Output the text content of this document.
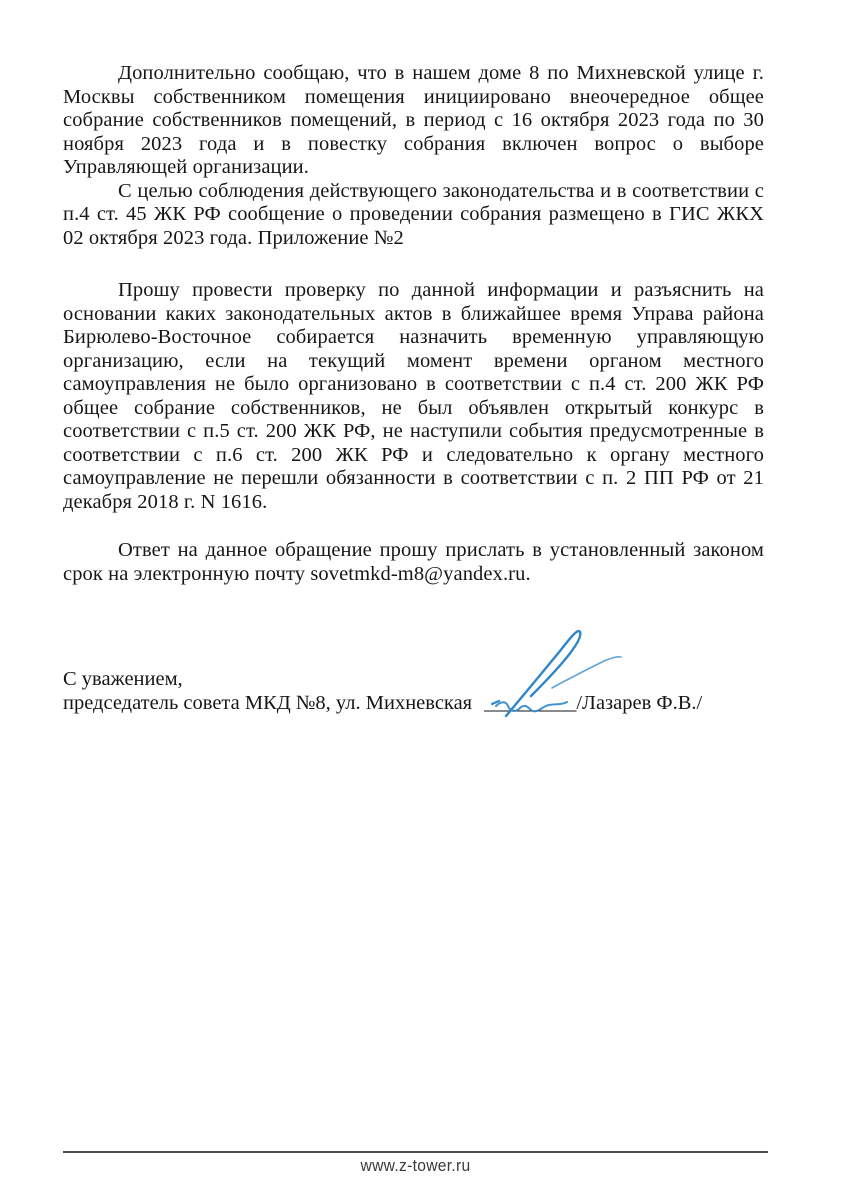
Дополнительно сообщаю, что в нашем доме 8 по Михневской улице г. Москвы собственником помещения инициировано внеочередное общее собрание собственников помещений, в период с 16 октября 2023 года по 30 ноября 2023 года и в повестку собрания включен вопрос о выборе Управляющей организации.

С целью соблюдения действующего законодательства и в соответствии с п.4 ст. 45 ЖК РФ сообщение о проведении собрания размещено в ГИС ЖКХ 02 октября 2023 года. Приложение №2

Прошу провести проверку по данной информации и разъяснить на основании каких законодательных актов в ближайшее время Управа района Бирюлево-Восточное собирается назначить временную управляющую организацию, если на текущий момент времени органом местного самоуправления не было организовано в соответствии с п.4 ст. 200 ЖК РФ общее собрание собственников, не был объявлен открытый конкурс в соответствии с п.5 ст. 200 ЖК РФ, не наступили события предусмотренные в соответствии с п.6 ст. 200 ЖК РФ и следовательно к органу местного самоуправление не перешли обязанности в соответствии с п. 2 ПП РФ от 21 декабря 2018 г. N 1616.

Ответ на данное обращение прошу прислать в установленный законом срок на электронную почту sovetmkd-m8@yandex.ru.

С уважением,
председатель совета МКД №8, ул. Михневская _________/Лазарев Ф.В./
www.z-tower.ru
